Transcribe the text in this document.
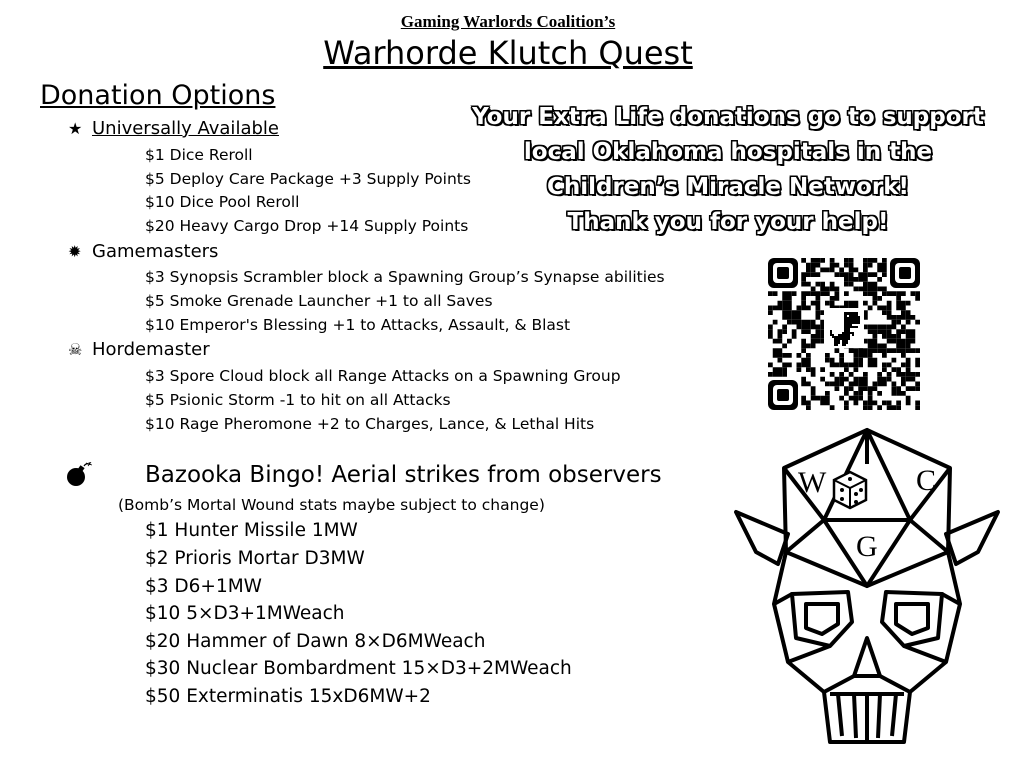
Gaming Warlords Coalition’s
Warhorde Klutch Quest
Donation Options
★ Universally Available
$1 Dice Reroll
$5 Deploy Care Package +3 Supply Points
$10 Dice Pool Reroll
$20 Heavy Cargo Drop +14 Supply Points
✹ Gamemasters
$3 Synopsis Scrambler block a Spawning Group’s Synapse abilities
$5 Smoke Grenade Launcher +1 to all Saves
$10 Emperor's Blessing +1 to Attacks, Assault, & Blast
☠ Hordemaster
$3 Spore Cloud block all Range Attacks on a Spawning Group
$5 Psionic Storm -1 to hit on all Attacks
$10 Rage Pheromone +2 to Charges, Lance, & Lethal Hits
Bazooka Bingo! Aerial strikes from observers
(Bomb’s Mortal Wound stats maybe subject to change)
$1 Hunter Missile 1MW
$2 Prioris Mortar D3MW
$3 D6+1MW
$10 5×D3+1MWeach
$20 Hammer of Dawn 8×D6MWeach
$30 Nuclear Bombardment 15×D3+2MWeach
$50 Exterminatis 15xD6MW+2
Your Extra Life donations go to support
local Oklahoma hospitals in the
Children’s Miracle Network!
Thank you for your help!
W	C
G
